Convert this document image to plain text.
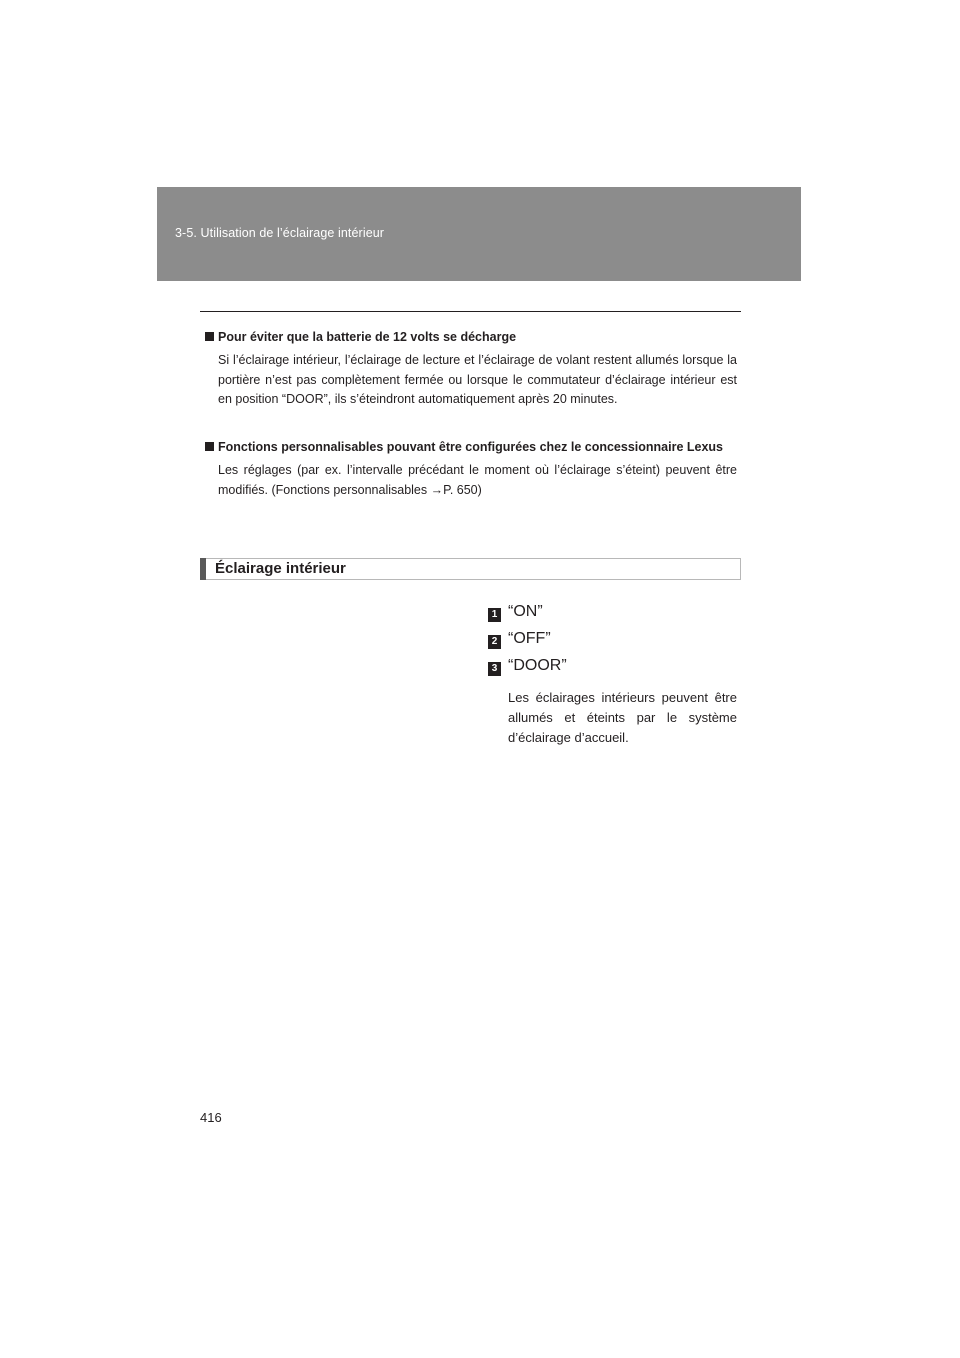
3-5. Utilisation de l’éclairage intérieur
Pour éviter que la batterie de 12 volts se décharge
Si l’éclairage intérieur, l’éclairage de lecture et l’éclairage de volant restent allumés lorsque la portière n’est pas complètement fermée ou lorsque le commutateur d’éclairage intérieur est en position “DOOR”, ils s’éteindront automatiquement après 20 minutes.
Fonctions personnalisables pouvant être configurées chez le concessionnaire Lexus
Les réglages (par ex. l’intervalle précédant le moment où l’éclairage s’éteint) peuvent être modifiés. (Fonctions personnalisables →P. 650)
Éclairage intérieur
1 “ON”
2 “OFF”
3 “DOOR”
Les éclairages intérieurs peuvent être allumés et éteints par le système d’éclairage d’accueil.
416
